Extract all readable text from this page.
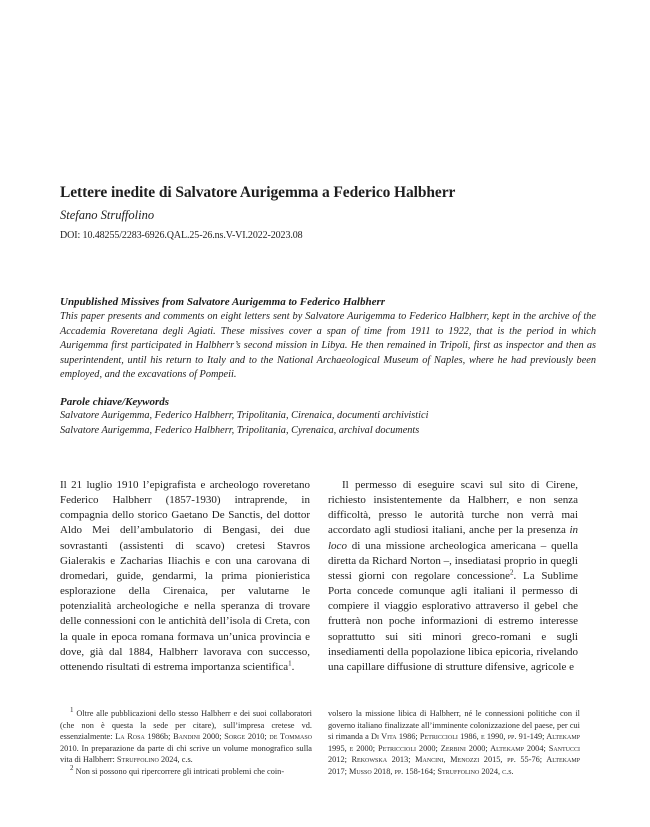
Lettere inedite di Salvatore Aurigemma a Federico Halbherr

Stefano Struffolino

DOI: 10.48255/2283-6926.QAL.25-26.ns.V-VI.2022-2023.08

Unpublished Missives from Salvatore Aurigemma to Federico Halbherr

This paper presents and comments on eight letters sent by Salvatore Aurigemma to Federico Halbherr, kept in the archive of the Accademia Roveretana degli Agiati. These missives cover a span of time from 1911 to 1922, that is the period in which Aurigemma first participated in Halbherr’s second mission in Libya. He then remained in Tripoli, first as inspector and then as superintendent, until his return to Italy and to the National Archaeological Museum of Naples, where he had previously been employed, and the excavations of Pompeii.

Parole chiave/Keywords

Salvatore Aurigemma, Federico Halbherr, Tripolitania, Cirenaica, documenti archivistici

Salvatore Aurigemma, Federico Halbherr, Tripolitania, Cyrenaica, archival documents

Il 21 luglio 1910 l’epigrafista e archeologo roveretano Federico Halbherr (1857-1930) intraprende, in compagnia dello storico Gaetano De Sanctis, del dottor Aldo Mei dell’ambulatorio di Bengasi, dei due sovrastanti (assistenti di scavo) cretesi Stavros Gialerakis e Zacharias Iliachis e con una carovana di dromedari, guide, gendarmi, la prima pionieristica esplorazione della Cirenaica, per valutarne le potenzialità archeologiche e nella speranza di trovare delle connessioni con le antichità dell’isola di Creta, con la quale in epoca romana formava un’unica provincia e dove, già dal 1884, Halbherr lavorava con successo, ottenendo risultati di estrema importanza scientifica$^1$.

Il permesso di eseguire scavi sul sito di Cirene, richiesto insistentemente da Halbherr, e non senza difficoltà, presso le autorità turche non verrà mai accordato agli studiosi italiani, anche per la presenza in loco di una missione archeologica americana – quella diretta da Richard Norton –, insediatasi proprio in quegli stessi giorni con regolare concessione$^2$. La Sublime Porta concede comunque agli italiani il permesso di compiere il viaggio esplorativo attraverso il gebel che frutterà non poche informazioni di estremo interesse soprattutto sui siti minori greco-romani e sugli insediamenti della popolazione libica epicoria, rivelando una capillare diffusione di strutture difensive, agricole e

$^1$ Oltre alle pubblicazioni dello stesso Halbherr e dei suoi collaboratori (che non è questa la sede per citare), sull’impresa cretese vd. essenzialmente: La Rosa 1986b; Bandini 2000; Sorge 2010; de Tommaso 2010. In preparazione da parte di chi scrive un volume monografico sulla vita di Halbherr: Struffolino 2024, c.s.

$^2$ Non si possono qui ripercorrere gli intricati problemi che coin-

volsero la missione libica di Halbherr, né le connessioni politiche con il governo italiano finalizzate all’imminente colonizzazione del paese, per cui si rimanda a Di Vita 1986; Petriccioli 1986, e 1990, pp. 91-149; Altekamp 1995, e 2000; Petriccioli 2000; Zerbini 2000; Altekamp 2004; Santucci 2012; Rekowska 2013; Mancini, Menozzi 2015, pp. 55-76; Altekamp 2017; Musso 2018, pp. 158-164; Struffolino 2024, c.s.
